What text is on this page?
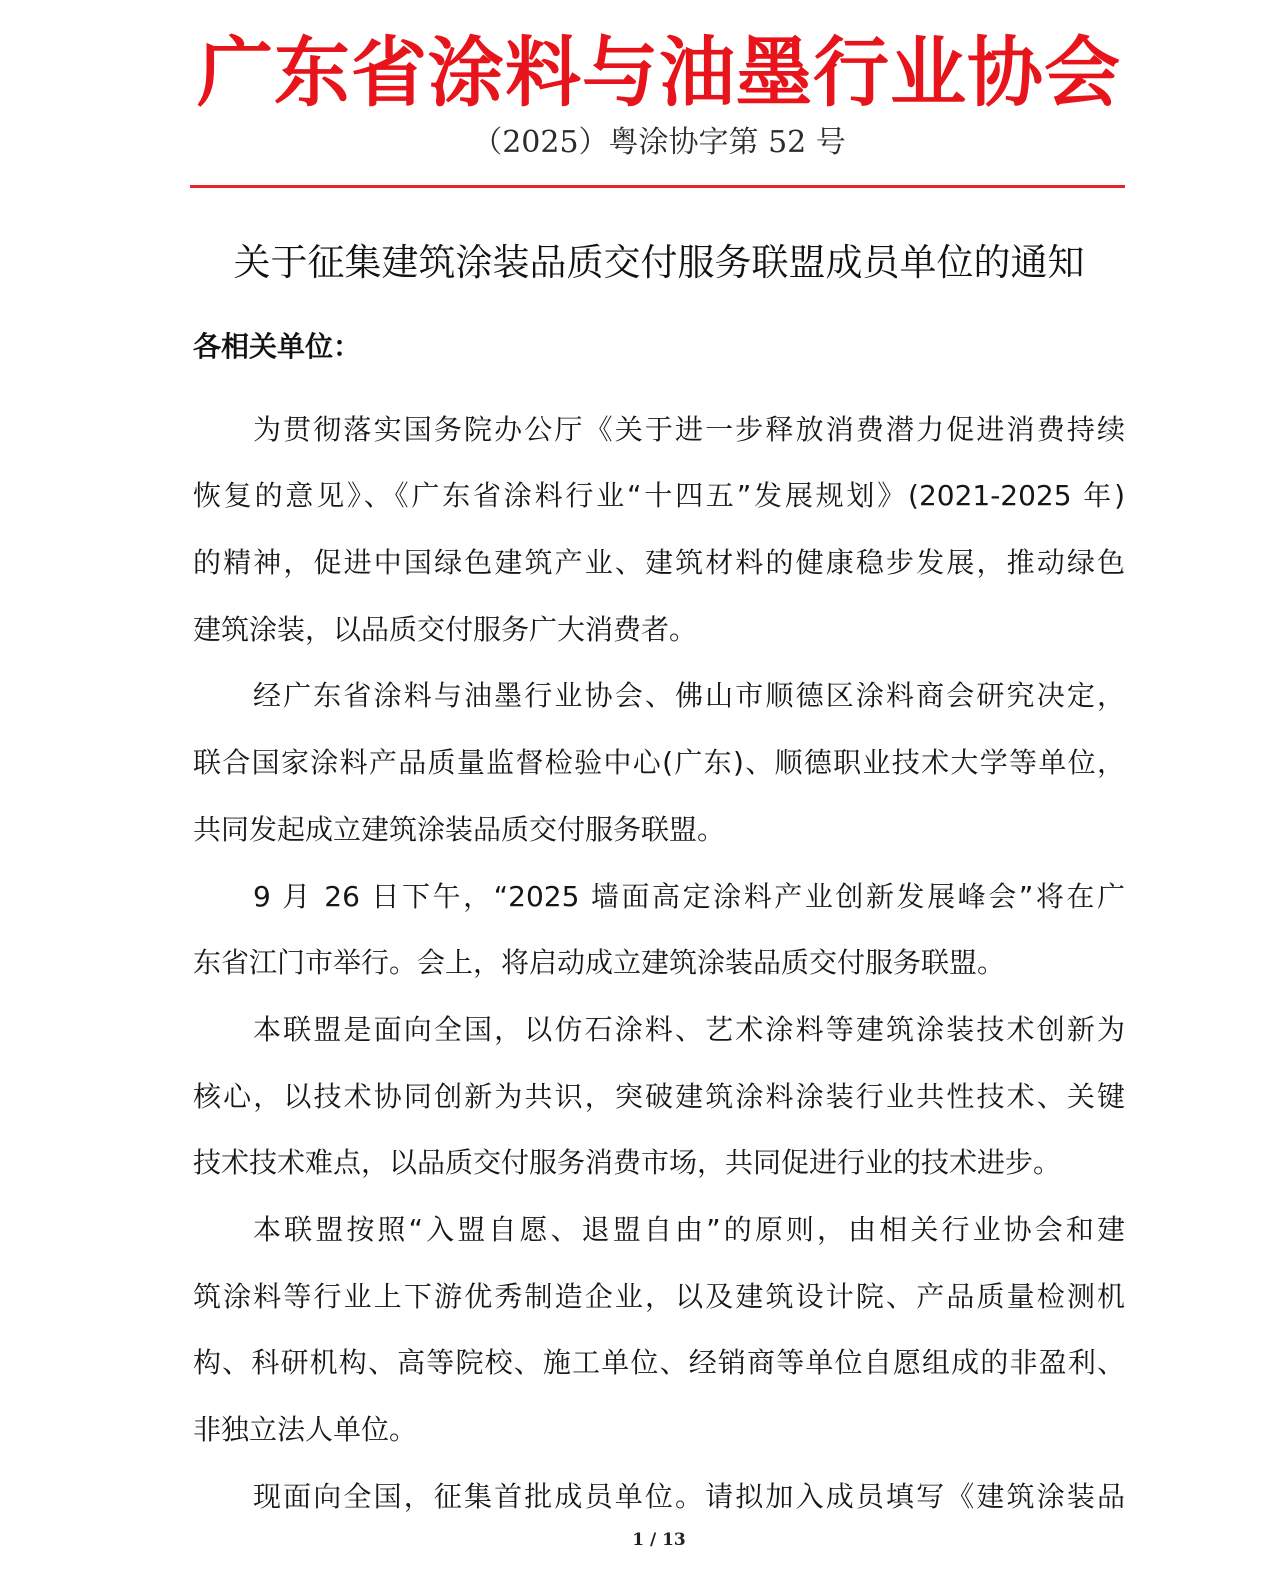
广东省涂料与油墨行业协会
（2025）粤涂协字第 52 号
关于征集建筑涂装品质交付服务联盟成员单位的通知
各相关单位：
为贯彻落实国务院办公厅《关于进一步释放消费潜力促进消费持续
恢复的意见》、《广东省涂料行业“十四五”发展规划》(2021-2025 年)
的精神，促进中国绿色建筑产业、建筑材料的健康稳步发展，推动绿色
建筑涂装，以品质交付服务广大消费者。
经广东省涂料与油墨行业协会、佛山市顺德区涂料商会研究决定，
联合国家涂料产品质量监督检验中心(广东)、顺德职业技术大学等单位，
共同发起成立建筑涂装品质交付服务联盟。
9 月 26 日下午，“2025 墙面高定涂料产业创新发展峰会”将在广
东省江门市举行。会上，将启动成立建筑涂装品质交付服务联盟。
本联盟是面向全国，以仿石涂料、艺术涂料等建筑涂装技术创新为
核心，以技术协同创新为共识，突破建筑涂料涂装行业共性技术、关键
技术技术难点，以品质交付服务消费市场，共同促进行业的技术进步。
本联盟按照“入盟自愿、退盟自由”的原则，由相关行业协会和建
筑涂料等行业上下游优秀制造企业，以及建筑设计院、产品质量检测机
构、科研机构、高等院校、施工单位、经销商等单位自愿组成的非盈利、
非独立法人单位。
现面向全国，征集首批成员单位。请拟加入成员填写《建筑涂装品
1 / 13
